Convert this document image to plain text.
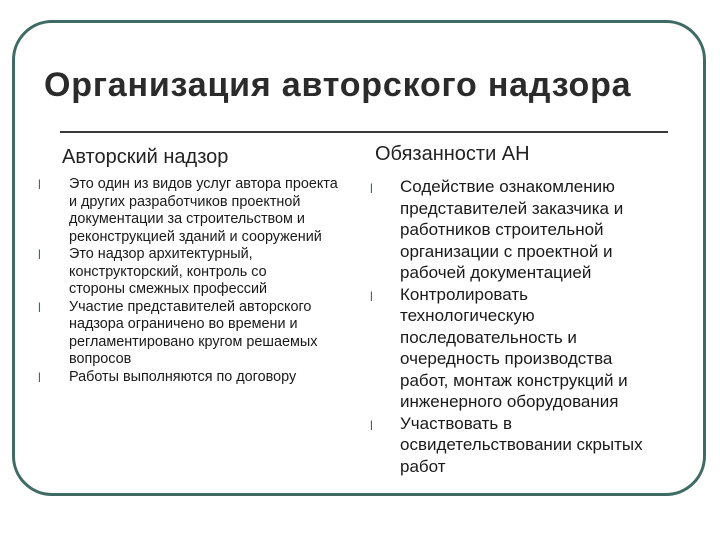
Организация авторского надзора
Авторский надзор	Обязанности АН
l Это один из видов услуг автора проекта и других разработчиков проектной документации за строительством и реконструкцией зданий и сооружений
l Это надзор архитектурный, конструкторский, контроль со стороны смежных профессий
l Участие представителей авторского надзора ограничено во времени и регламентировано кругом решаемых вопросов
l Работы выполняются по договору
l Содействие ознакомлению представителей заказчика и работников строительной организации с проектной и рабочей документацией
l Контролировать технологическую последовательность и очередность производства работ, монтаж конструкций и инженерного оборудования
l Участвовать в освидетельствовании скрытых работ
